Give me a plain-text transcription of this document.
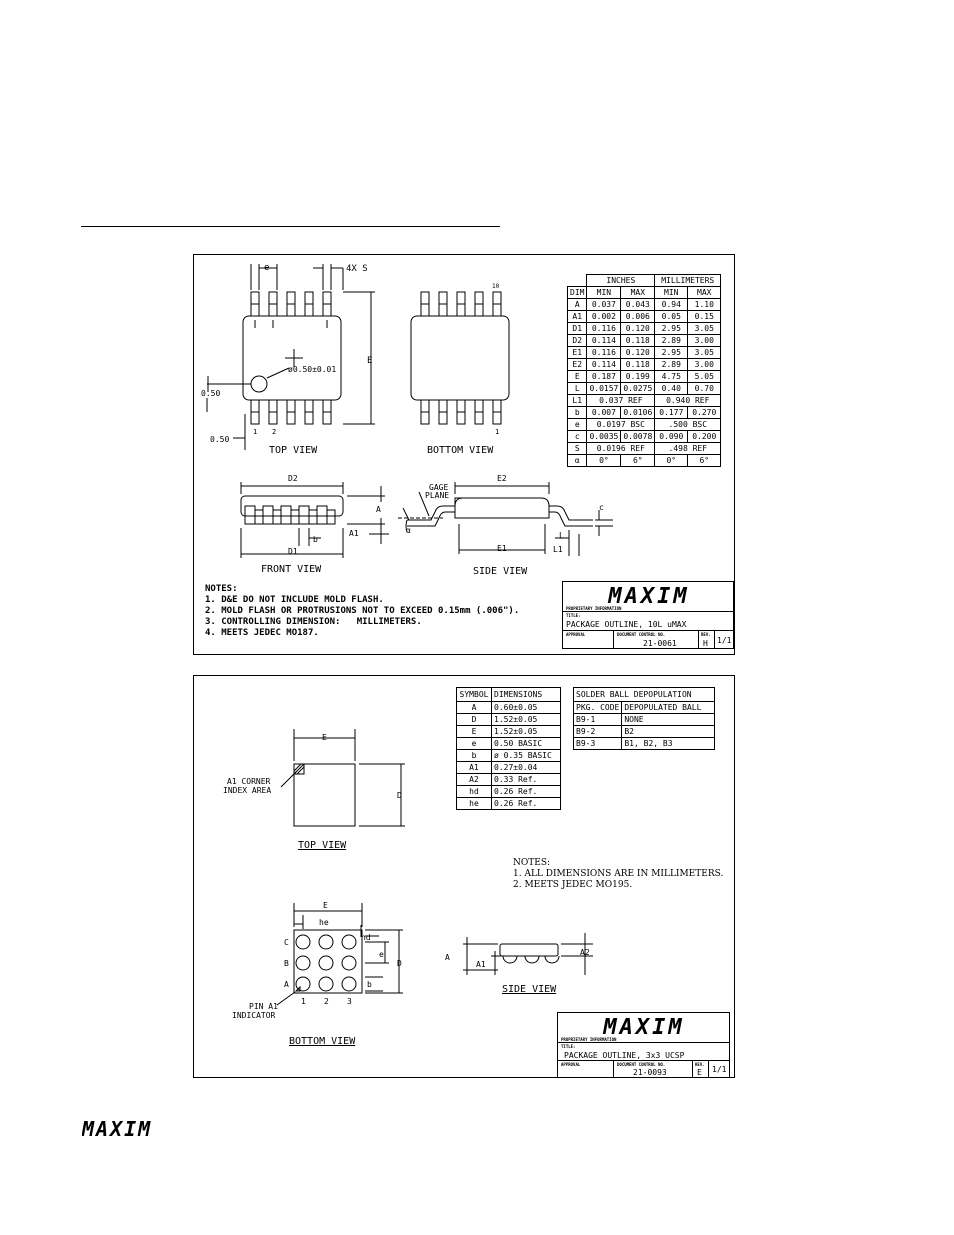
e	4X S
E
ø0.50±0.01
0.50
0.50
1 2
10
1
TOP VIEW	BOTTOM VIEW
D2
D1
b
A
A1
GAGE
PLANE
E2
E1
c
L
L1
α
FRONT VIEW	SIDE VIEW
	INCHES		MILLIMETERS	
DIM	MIN	MAX	MIN	MAX
A	0.037	0.043	0.94	1.10
A1	0.002	0.006	0.05	0.15
D1	0.116	0.120	2.95	3.05
D2	0.114	0.118	2.89	3.00
E1	0.116	0.120	2.95	3.05
E2	0.114	0.118	2.89	3.00
E	0.187	0.199	4.75	5.05
L	0.0157	0.0275	0.40	0.70
L1	0.037 REF		0.940 REF	
b	0.007	0.0106	0.177	0.270
e	0.0197 BSC		.500 BSC	
c	0.0035	0.0078	0.090	0.200
S	0.0196 REF		.498 REF	
α	0°	6°	0°	6°
NOTES:
1. D&E DO NOT INCLUDE MOLD FLASH.
2. MOLD FLASH OR PROTRUSIONS NOT TO EXCEED 0.15mm (.006").
3. CONTROLLING DIMENSION:   MILLIMETERS.
4. MEETS JEDEC MO187.
MAXIM
PROPRIETARY INFORMATION
TITLE:
PACKAGE OUTLINE, 10L uMAX
APPROVAL	DOCUMENT CONTROL NO.
21-0061
REV.
H 1/1
E
D
A1 CORNER
INDEX AREA
TOP VIEW
E
he
hd
e
D
b
C
B
A
1 2 3
PIN A1
INDICATOR
BOTTOM VIEW
A
A1
A2
SIDE VIEW
SYMBOL	DIMENSIONS
A	0.60±0.05
D	1.52±0.05
E	1.52±0.05
e	0.50 BASIC
b	ø 0.35 BASIC
A1	0.27±0.04
A2	0.33 Ref.
hd	0.26 Ref.
he	0.26 Ref.
SOLDER BALL DEPOPULATION	
PKG. CODE	DEPOPULATED BALL
B9-1	NONE
B9-2	B2
B9-3	B1, B2, B3
NOTES:
1. ALL DIMENSIONS ARE IN MILLIMETERS.
2. MEETS JEDEC MO195.
MAXIM
PROPRIETARY INFORMATION
TITLE:
PACKAGE OUTLINE, 3x3 UCSP
APPROVAL	DOCUMENT CONTROL NO.
21-0093
REV.
E 1/1
MAXIM
